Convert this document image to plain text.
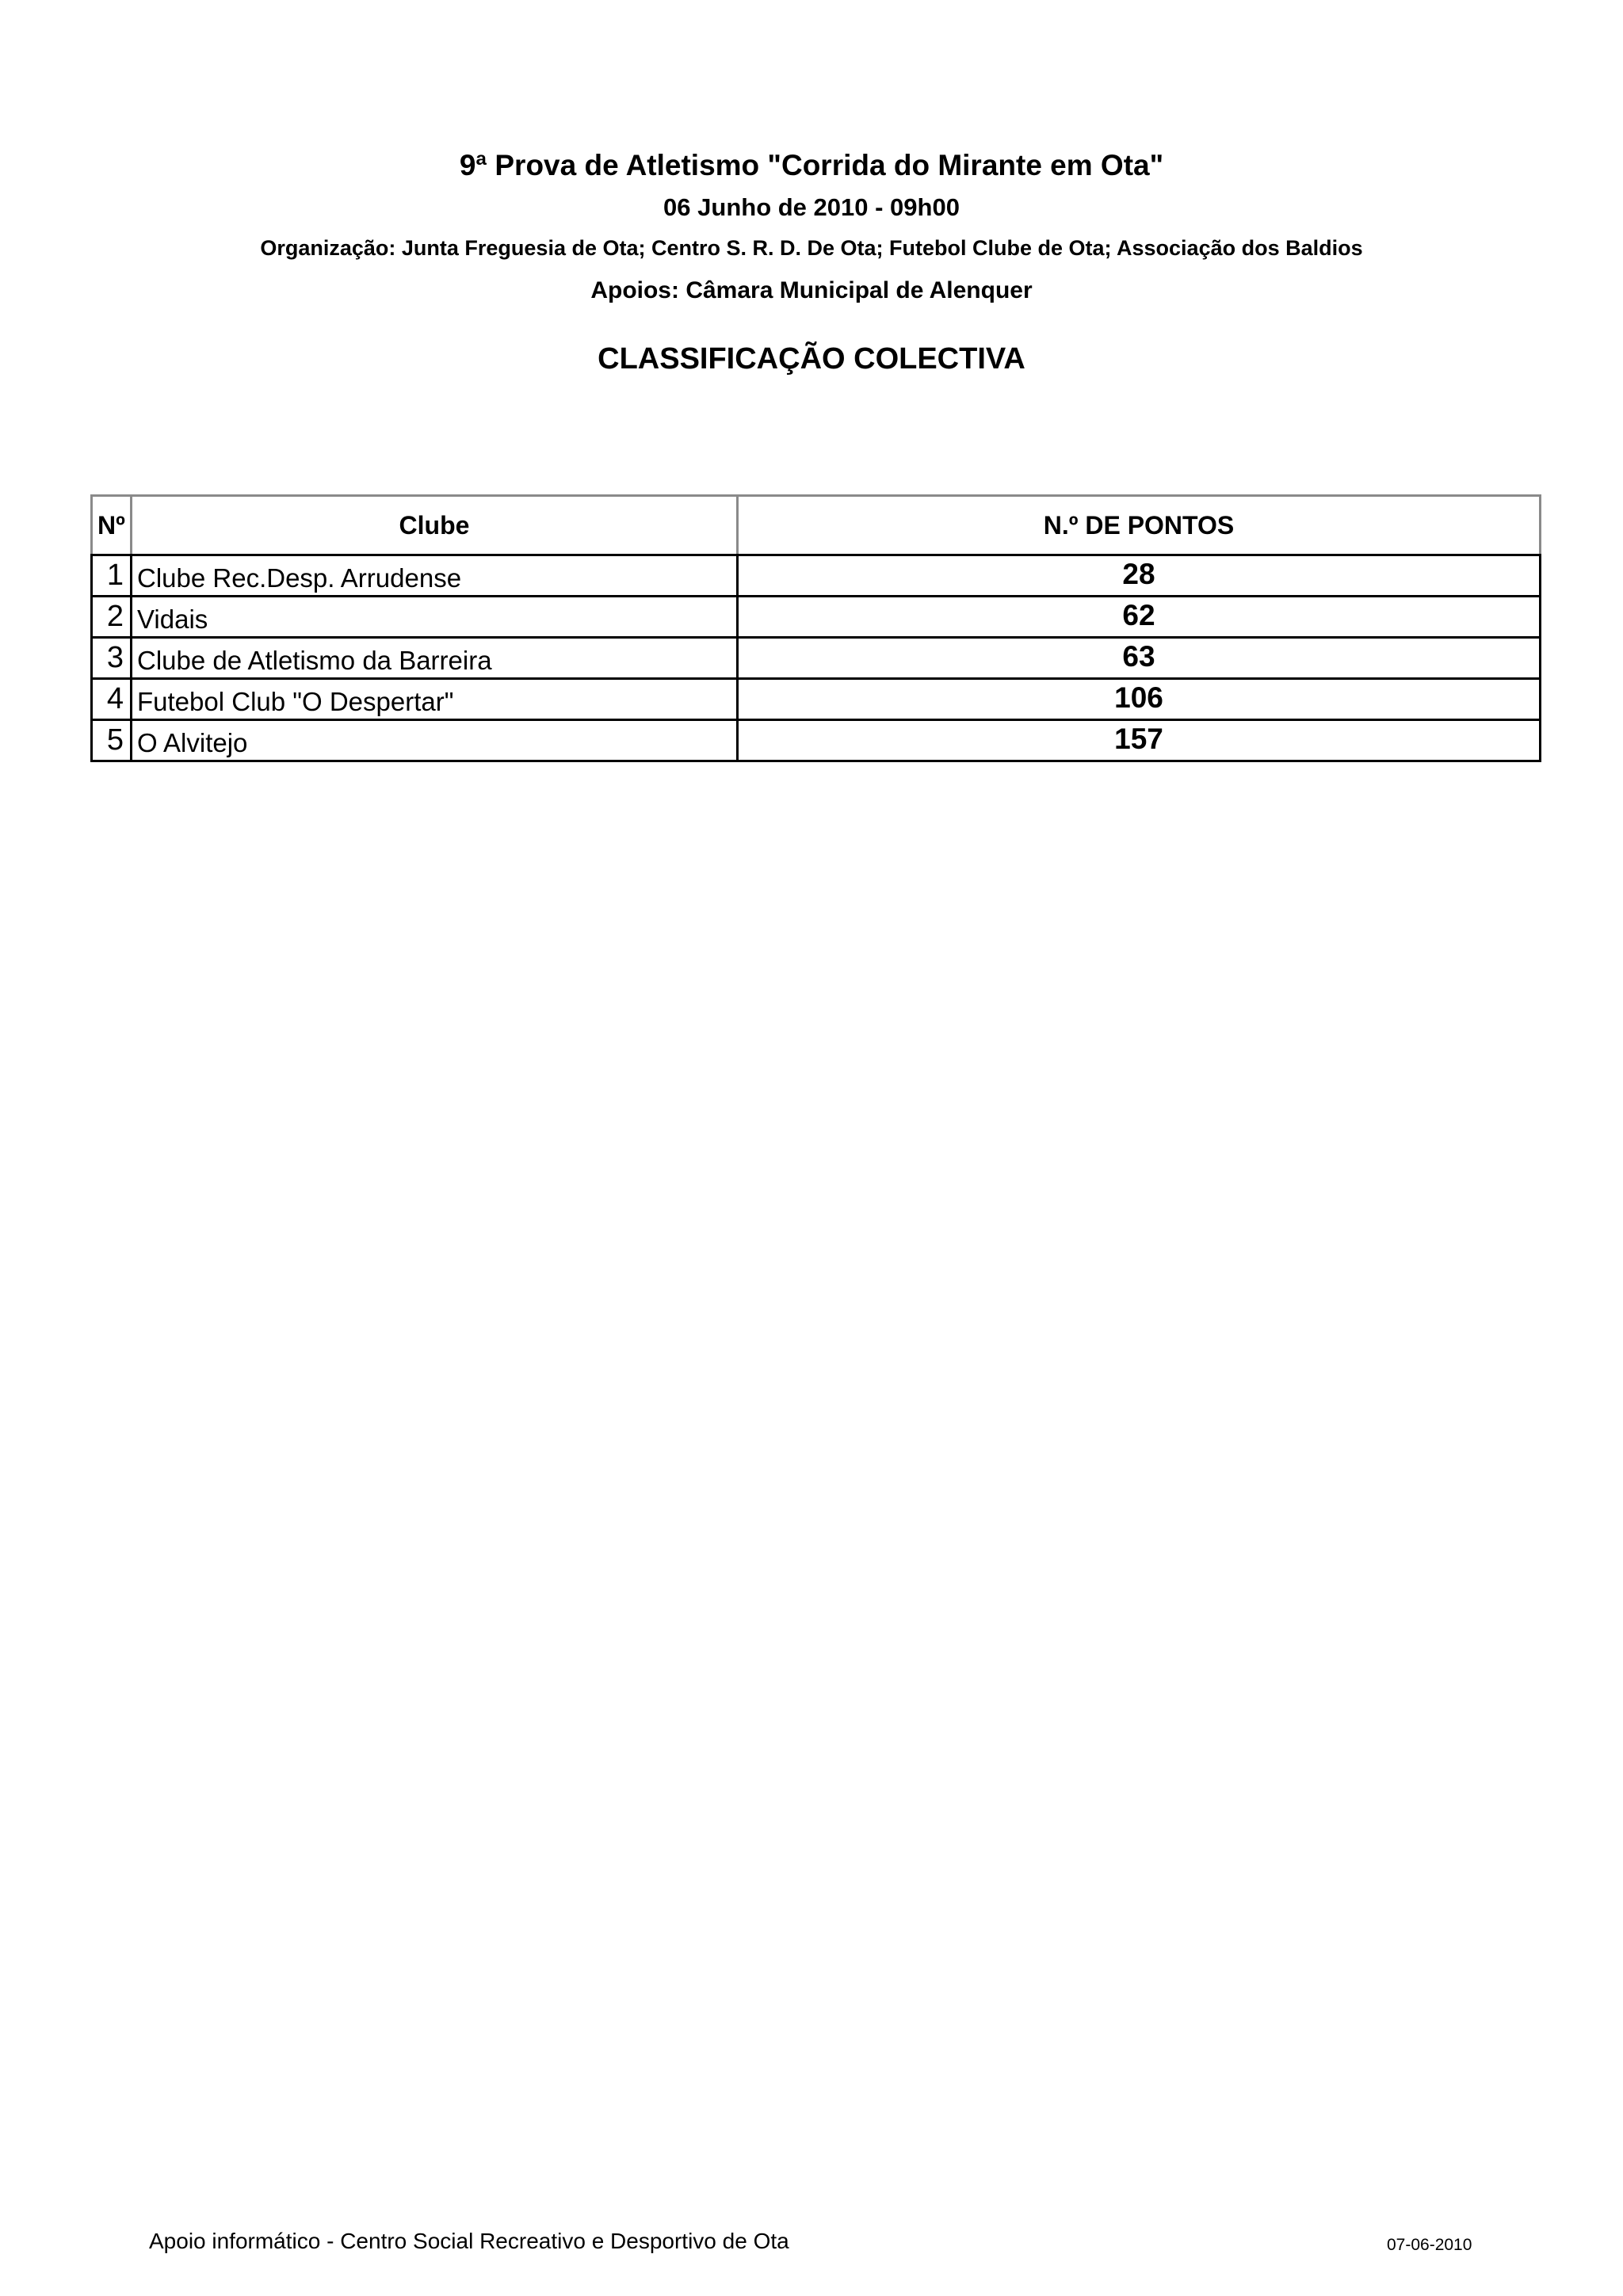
9ª Prova de Atletismo "Corrida do Mirante em Ota"
06 Junho de 2010 - 09h00
Organização: Junta Freguesia de Ota; Centro S. R. D. De Ota; Futebol Clube de Ota; Associação dos Baldios
Apoios: Câmara Municipal de Alenquer
CLASSIFICAÇÃO COLECTIVA
Nº	Clube	N.º DE PONTOS
1	Clube Rec.Desp. Arrudense	28
2	Vidais	62
3	Clube de Atletismo da Barreira	63
4	Futebol Club "O Despertar"	106
5	O Alvitejo	157
Apoio informático - Centro Social Recreativo e Desportivo de Ota	07-06-2010
